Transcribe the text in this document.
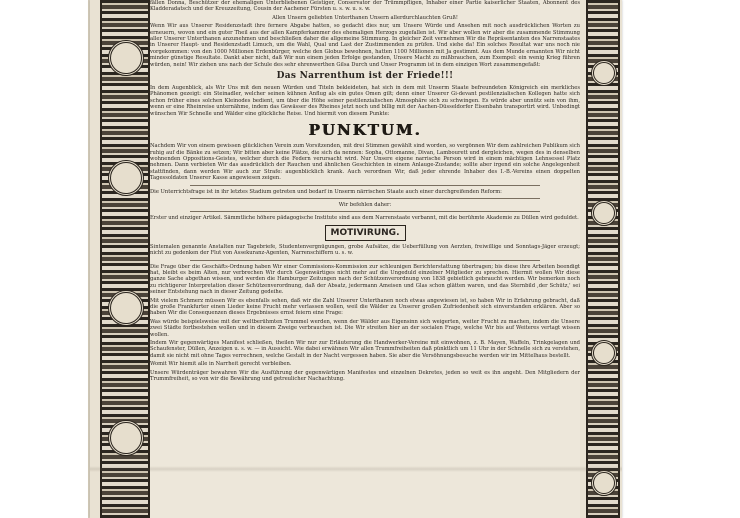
fällen Donna, Beschützer der ehemaligen Unterbliebenen Geistiger, Conservator der Trümmpfligen, Inhaber einer Partie kaiserlicher Staaten, Abonnent des Kladderadatsch und der Kreuzzeitung, Cousin der Aachener Fürsten u. s. w. u. s. w.

Allen Unsern geliebten Unterthanen Unsern allerdurchlauchten Gruß!

Wenn Wir aus Unserer Residenzstadt ihre fernere Abgabe hatten, so gedacht dies nur, um Unsere Würde und Ansehen mit noch ausdrücklichen Worten zu erneuern, wovon und ein guter Theil aus der allen Kampferkammer des ehemaligen Herzogs zugefallen ist. Wir aber wollen wir aber die zusammende Stimmung aller Unserer Unterthanen anzunehmen und beschließen daher die allgemeine Stimmung. In gleicher Zeit vernehmen Wir die Repräsentanten des Narrenstaates in Unserer Haupt- und Residenzstadt Limuch, um die Wahl, Qual und Last der Zustimmenden zu prüfen. Und siehe da! Ein solches Resultat war uns noch nie vorgekommen: von den 1000 Millionen Erdenbürger, welche den Globus bewohnen, hatten 1100 Millionen mit Ja gestimmt. Aus dem Munde ernannten Wir nicht minder günstige Resultate. Dankt aber nicht, daß Wir nun einem jeden Erfolge gestanden, Unsere Macht zu mißbrauchen, zum Exempel: ein wenig Krieg führen würden, nein! Wir ziehen uns nach der Schule des sehr ehrenwerthen Gilsa Durch und Unser Programm ist in dem einzigen Wort zusammengefaßt:

Das Narrenthum ist der Friede!!!

In dem Augenblick, als Wir Uns mit den neuen Würden und Titeln bekleideten, hat sich in dem mit Unserm Staate befreundeten Königreich ein merkliches Phänomen gezeigt: ein Steinadler, welcher seinen kühnen Anflug als ein gutes Omen gilt; denn einer Unserer Gi-devant pestilenzialischen Kollegen hatte sich schon früher eines solchen Kleinodes bedient, um über die Höhe seiner pestilenzialischen Atmosphäre sich zu schwingen. Es würde aber unnütz sein von ihm, wenn er eine Rheinreise unternähme, indem das Gewässer des Rheines jetzt noch und billig mit der Aachen-Düsseldorfer Eisenbahn transportirt wird. Unbedingt wünschen Wir Schnelle und Wälder eine glückliche Reise. Und hiermit von diesem Punkte:

PUNKTUM.

Nachdem Wir von einem gewissen glücklichen Verein zum Vorsitzenden, mit drei Stimmen gewählt sind worden, so vergönnen Wir dem zahlreichen Publikum sich ruhig auf die Bänke zu setzen; Wir bitten aber keine Plätze, die sich da nennen: Sopha, Ottomanne, Divan, Lambourett und dergleichen, wegen des in denselben wohnenden Oppositions-Geistes, welcher durch die Federn verursacht wird. Nur Unsere eigene narrische Person wird in einem mächtigen Lehnsessel Platz nehmen. Dann verbieten Wir das ausdrücklich der Rauchen und ähnlichen Geschichten in einem Anlauge-Zustande; sollte aber irgend ein solche Angelegenheit stattfinden, dann werden Wir auch zur Strafe: augenblicklich krank. Auch verordnen Wir, daß jeder ehrende Inhaber des I.-B.-Vereins einen doppelten Tagessoldaten Unserer Kasse angewiesen zeigen.

Die Unterrichtsfrage ist in ihr letztes Stadium getreten und bedarf in Unserm närrischen Staate auch einer durchgreifenden Reform:

Wir befehlen daher:

Erster und einziger Artikel. Sämmtliche höhere pädagogische Institute sind aus dem Narrenstaate verbannt, mit die berühmte Akademie zu Düllen wird geduldet.

MOTIVIRUNG.

Sintemalen genannte Anstalten nur Tagebriefe, Studentenvergnügungen, grobe Aufsätze, die Ueberfüllung von Aerzten, freiwillige und Sonntags-Jäger erzeugt; nicht zu gedenken der Flut von Assekuranz-Agenten, Narrenschiffern u. s. w.

Die Frage über die Geschäfts-Ordnung haben Wir einer Commissions-Kommission zur schleunigen Berichterstattung übertragen; bis diese ihre Arbeiten beendigt hat, bleibt es beim Alten, nur verbrechen Wir durch Gegenwärtiges nicht mehr auf die Ungeduld einzelner Mitglieder zu sprechen. Hiermit wollen Wir diese ganze Sache abgethan wissen, und werden die Hamburger Zeitungen nach der Schützenverordnung von 1838 gebietlich gebraucht werden. Wir bemerken noch zu richtigerer Interpretation dieser Schützenverordnung, daß der Absatz, jedermann Ameisen und Glas schon glätten waren, und das Sternbild ‚der Schütz,' sei seiner Entstehung nach in dieser Zeitung gedeihe.

Mit vielem Schmerz müssen Wir es ebenfalls sehen, daß wir die Zahl Unserer Unterthanen noch etwas angewiesen ist, so haben Wir in Erfahrung gebracht, daß die große Frankfurter einen Lieder keine Frucht mehr verlassen wollen, weil die Wälder zu Unserer großen Zufriedenheit sich einverstanden erklären. Aber so haben Wir die Consequenzen dieses Ergebnisses ernst feiern eine Frage:

Was würde beispielsweise mit der weltberühmten Trummel werden, wenn der Wälder aus Eigensinn sich weigerten, weiter Frucht zu machen, indem die Unsere zwei Städte fortbestehen wollen und in diesem Zweige verbrauchen ist. Die Wir streiten hier an der socialen Frage, welche Wir bis auf Weiteres vertagt wissen wollen.

Indem Wir gegenwärtiges Manifest schließen, theilen Wir nur zur Erläuterung die Handwerker-Vereine mit einwohnen, z. B. Mayen, Waffeln, Trinkgelagen und Schaufenster, Düllen, Anzeigen u. s. w. — in Aussicht. Wie dabei erwähnen Wir allen Trummfreiheiten daß pünktlich um 11 Uhr in der Schnelle sich zu verstehen, damit sie nicht mit ohne Tages verrechnen, welche Gestalt in der Nacht vergessen haben. Sie aber die Versöhnungsbesuche werden wir im Mittelhaus bestellt.

Womit Wir hiemit alle in Narrheit gerecht verbleiben.

Unsere Würdenträger bewahren Wir die Ausführung der gegenwärtigen Manifestes und einzelnen Dekretes, jeden so weit es ihn angeht. Den Mitgliedern der Trummfreiheit, so von wir die Bewährung und getreulicher Nachachtung.
